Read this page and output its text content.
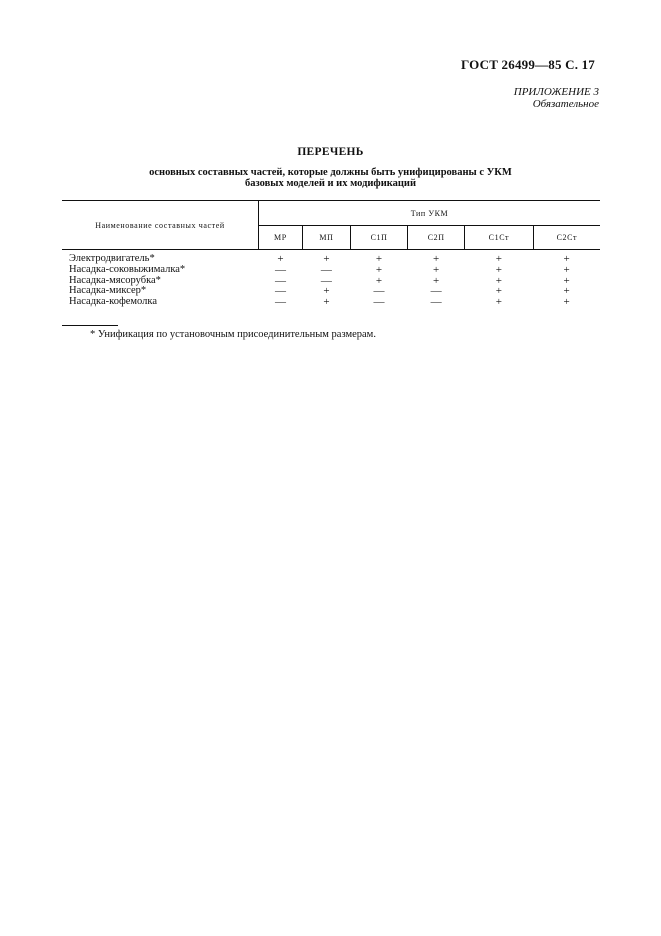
ГОСТ 26499—85 С. 17
ПРИЛОЖЕНИЕ 3
Обязательное
ПЕРЕЧЕНЬ
основных составных частей, которые должны быть унифицированы с УКМ
базовых моделей и их модификаций
Наименование составных частей	Тип УКМ					
	МР	МП	С1П	С2П	С1Ст	С2Ст

Электродвигатель*	+	+	+	+	+	+
Насадка-соковыжималка*	—	—	+	+	+	+
Насадка-мясорубка*	—	—	+	+	+	+
Насадка-миксер*	—	+	—	—	+	+
Насадка-кофемолка	—	+	—	—	+	+
* Унификация по установочным присоединительным размерам.
